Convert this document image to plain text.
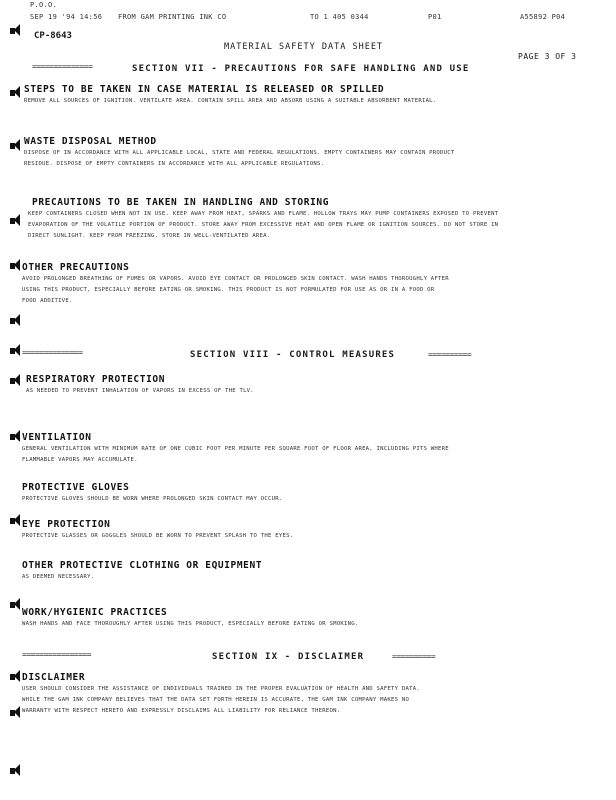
P.O.O.
SEP 19 '94 14:56 FROM GAM PRINTING INK CO	TO 1 405 0344	P01	A55892 P04
CP-8643
MATERIAL SAFETY DATA SHEET
PAGE 3 OF 3
==============	SECTION VII - PRECAUTIONS FOR SAFE HANDLING AND USE
STEPS TO BE TAKEN IN CASE MATERIAL IS RELEASED OR SPILLED
REMOVE ALL SOURCES OF IGNITION. VENTILATE AREA. CONTAIN SPILL AREA AND ABSORB USING A SUITABLE ABSORBENT MATERIAL.
WASTE DISPOSAL METHOD
DISPOSE OF IN ACCORDANCE WITH ALL APPLICABLE LOCAL, STATE AND FEDERAL REGULATIONS. EMPTY CONTAINERS MAY CONTAIN PRODUCT
RESIDUE. DISPOSE OF EMPTY CONTAINERS IN ACCORDANCE WITH ALL APPLICABLE REGULATIONS.
PRECAUTIONS TO BE TAKEN IN HANDLING AND STORING
KEEP CONTAINERS CLOSED WHEN NOT IN USE. KEEP AWAY FROM HEAT, SPARKS AND FLAME. HOLLOW TRAYS MAY PUMP CONTAINERS EXPOSED TO PREVENT
EVAPORATION OF THE VOLATILE PORTION OF PRODUCT. STORE AWAY FROM EXCESSIVE HEAT AND OPEN FLAME OR IGNITION SOURCES. DO NOT STORE IN
DIRECT SUNLIGHT. KEEP FROM FREEZING. STORE IN WELL-VENTILATED AREA.
OTHER PRECAUTIONS
AVOID PROLONGED BREATHING OF FUMES OR VAPORS. AVOID EYE CONTACT OR PROLONGED SKIN CONTACT. WASH HANDS THOROUGHLY AFTER
USING THIS PRODUCT, ESPECIALLY BEFORE EATING OR SMOKING. THIS PRODUCT IS NOT FORMULATED FOR USE AS OR IN A FOOD OR
FOOD ADDITIVE.
==============	SECTION VIII - CONTROL MEASURES	==========
RESPIRATORY PROTECTION
AS NEEDED TO PREVENT INHALATION OF VAPORS IN EXCESS OF THE TLV.
VENTILATION
GENERAL VENTILATION WITH MINIMUM RATE OF ONE CUBIC FOOT PER MINUTE PER SQUARE FOOT OF FLOOR AREA, INCLUDING PITS WHERE
FLAMMABLE VAPORS MAY ACCUMULATE.
PROTECTIVE GLOVES
PROTECTIVE GLOVES SHOULD BE WORN WHERE PROLONGED SKIN CONTACT MAY OCCUR.
EYE PROTECTION
PROTECTIVE GLASSES OR GOGGLES SHOULD BE WORN TO PREVENT SPLASH TO THE EYES.
OTHER PROTECTIVE CLOTHING OR EQUIPMENT
AS DEEMED NECESSARY.
WORK/HYGIENIC PRACTICES
WASH HANDS AND FACE THOROUGHLY AFTER USING THIS PRODUCT, ESPECIALLY BEFORE EATING OR SMOKING.
================	SECTION IX - DISCLAIMER	==========
DISCLAIMER
USER SHOULD CONSIDER THE ASSISTANCE OF INDIVIDUALS TRAINED IN THE PROPER EVALUATION OF HEALTH AND SAFETY DATA.
WHILE THE GAM INK COMPANY BELIEVES THAT THE DATA SET FORTH HEREIN IS ACCURATE, THE GAM INK COMPANY MAKES NO
WARRANTY WITH RESPECT HERETO AND EXPRESSLY DISCLAIMS ALL LIABILITY FOR RELIANCE THEREON.
